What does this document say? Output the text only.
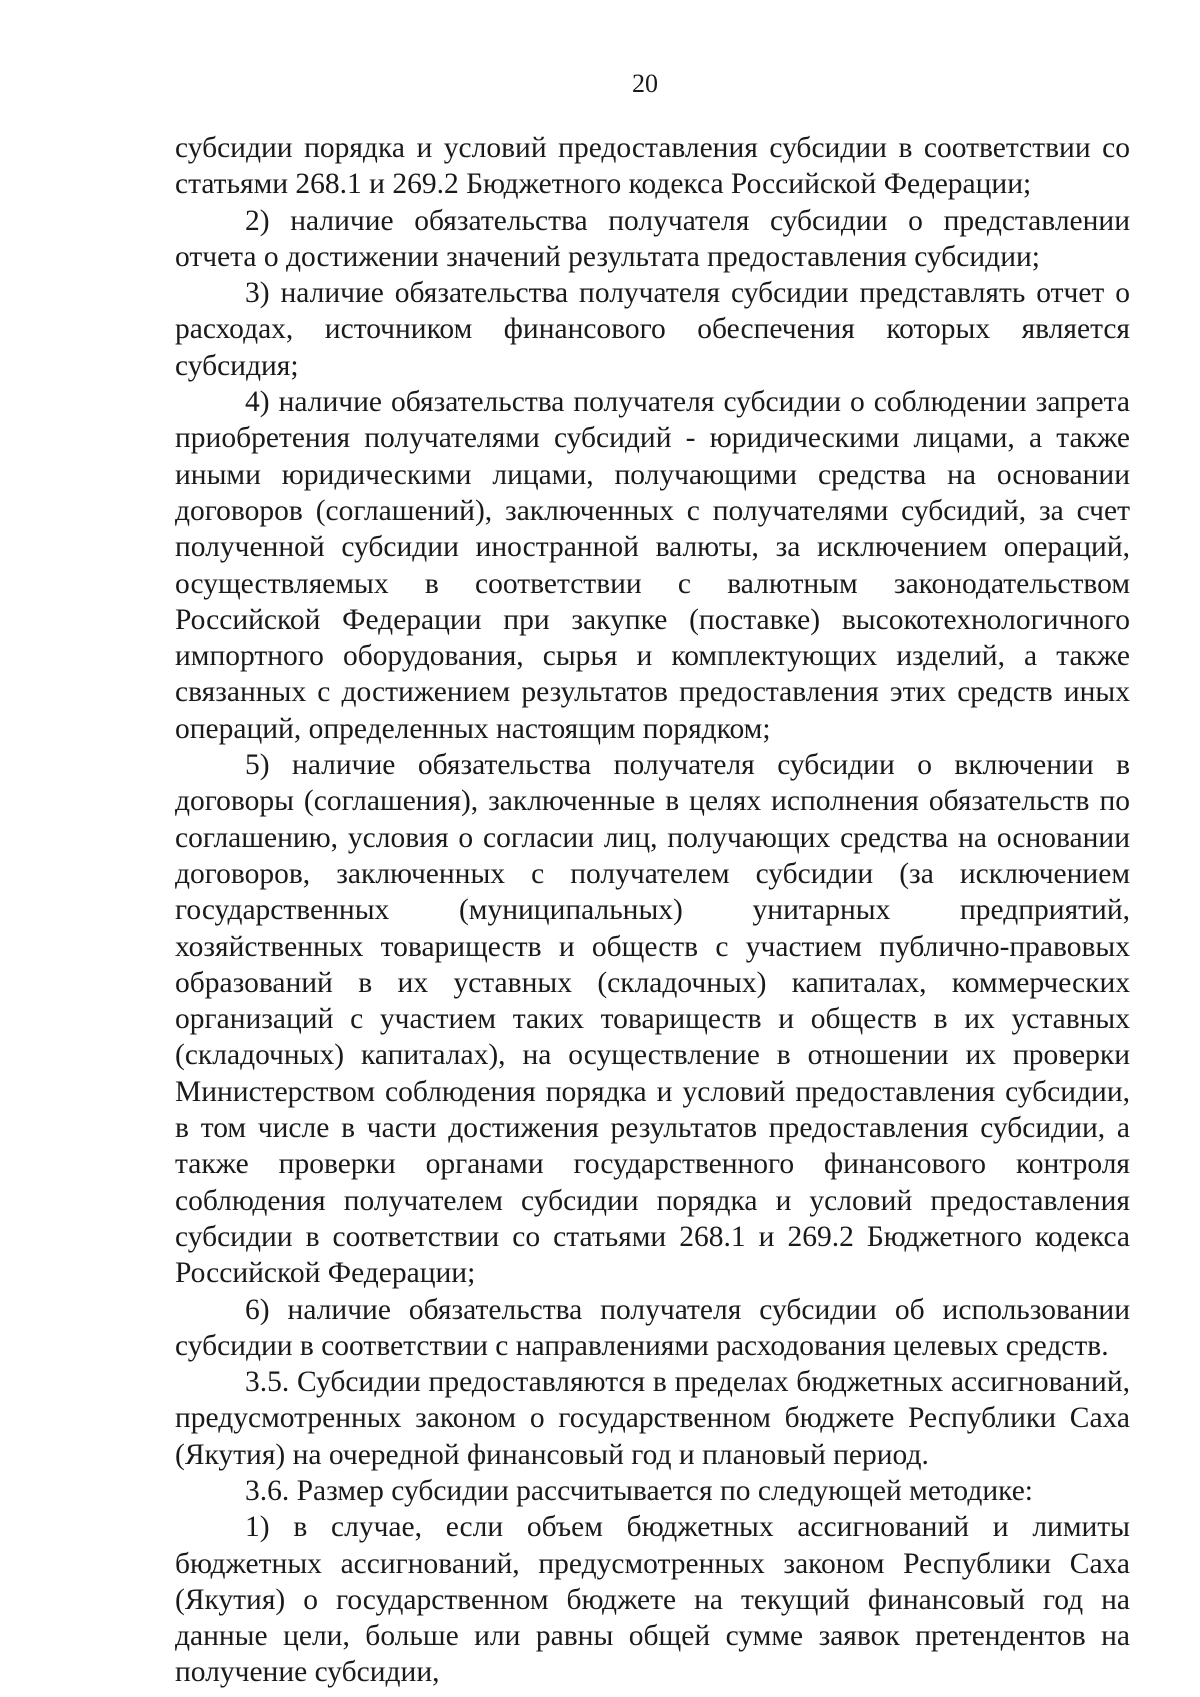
20

субсидии порядка и условий предоставления субсидии в соответствии со статьями 268.1 и 269.2 Бюджетного кодекса Российской Федерации;

2) наличие обязательства получателя субсидии о представлении отчета о достижении значений результата предоставления субсидии;

3) наличие обязательства получателя субсидии представлять отчет о расходах, источником финансового обеспечения которых является субсидия;

4) наличие обязательства получателя субсидии о соблюдении запрета приобретения получателями субсидий - юридическими лицами, а также иными юридическими лицами, получающими средства на основании договоров (соглашений), заключенных с получателями субсидий, за счет полученной субсидии иностранной валюты, за исключением операций, осуществляемых в соответствии с валютным законодательством Российской Федерации при закупке (поставке) высокотехнологичного импортного оборудования, сырья и комплектующих изделий, а также связанных с достижением результатов предоставления этих средств иных операций, определенных настоящим порядком;

5) наличие обязательства получателя субсидии о включении в договоры (соглашения), заключенные в целях исполнения обязательств по соглашению, условия о согласии лиц, получающих средства на основании договоров, заключенных с получателем субсидии (за исключением государственных (муниципальных) унитарных предприятий, хозяйственных товариществ и обществ с участием публично-правовых образований в их уставных (складочных) капиталах, коммерческих организаций с участием таких товариществ и обществ в их уставных (складочных) капиталах), на осуществление в отношении их проверки Министерством соблюдения порядка и условий предоставления субсидии, в том числе в части достижения результатов предоставления субсидии, а также проверки органами государственного финансового контроля соблюдения получателем субсидии порядка и условий предоставления субсидии в соответствии со статьями 268.1 и 269.2 Бюджетного кодекса Российской Федерации;

6) наличие обязательства получателя субсидии об использовании субсидии в соответствии с направлениями расходования целевых средств.

3.5. Субсидии предоставляются в пределах бюджетных ассигнований, предусмотренных законом о государственном бюджете Республики Саха (Якутия) на очередной финансовый год и плановый период.

3.6. Размер субсидии рассчитывается по следующей методике:

1) в случае, если объем бюджетных ассигнований и лимиты бюджетных ассигнований, предусмотренных законом Республики Саха (Якутия) о государственном бюджете на текущий финансовый год на данные цели, больше или равны общей сумме заявок претендентов на получение субсидии,
